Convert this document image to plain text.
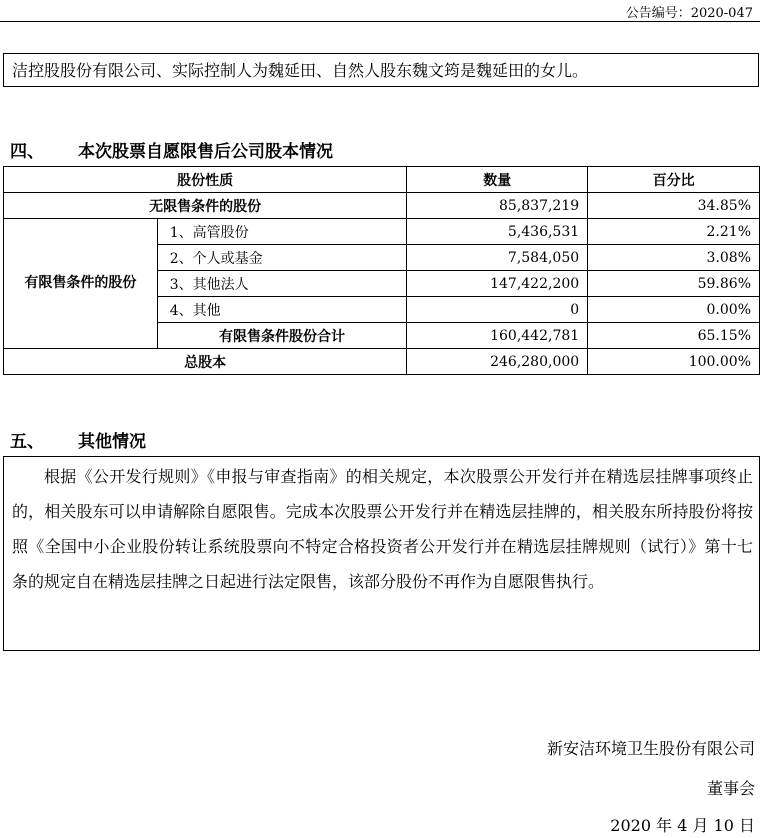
公告编号：2020-047
洁控股股份有限公司、实际控制人为魏延田、自然人股东魏文筠是魏延田的女儿。
四、 本次股票自愿限售后公司股本情况
股份性质		数量	百分比
无限售条件的股份		85,837,219	34.85%
有限售条件的股份	1、高管股份	5,436,531	2.21%
	2、个人或基金	7,584,050	3.08%
	3、其他法人	147,422,200	59.86%
	4、其他	0	0.00%
	有限售条件股份合计	160,442,781	65.15%
总股本		246,280,000	100.00%
五、 其他情况
根据《公开发行规则》《申报与审查指南》的相关规定，本次股票公开发行并在精选层挂牌事项终止的，相关股东可以申请解除自愿限售。完成本次股票公开发行并在精选层挂牌的，相关股东所持股份将按照《全国中小企业股份转让系统股票向不特定合格投资者公开发行并在精选层挂牌规则（试行）》第十七条的规定自在精选层挂牌之日起进行法定限售，该部分股份不再作为自愿限售执行。
新安洁环境卫生股份有限公司
董事会
2020 年 4 月 10 日
